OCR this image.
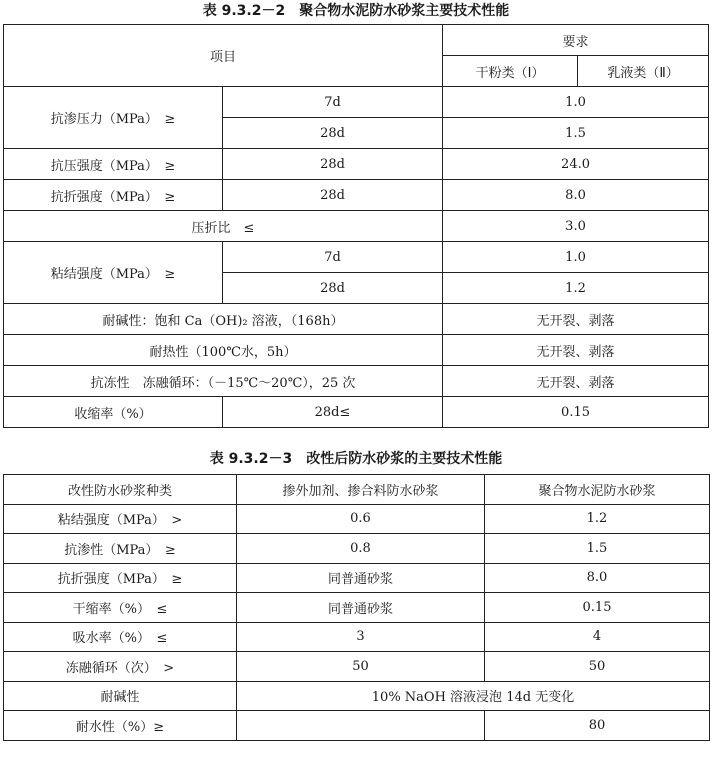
表 9.3.2－2　聚合物水泥防水砂浆主要技术性能
项目		要求	
		干粉类（Ⅰ）	乳液类（Ⅱ）
抗渗压力（MPa）　≥	7d	1.0	
	28d	1.5	
抗压强度（MPa）　≥	28d	24.0	
抗折强度（MPa）　≥	28d	8.0	
压折比　≤		3.0	
粘结强度（MPa）　≥	7d	1.0	
	28d	1.2	
耐碱性：饱和 Ca（OH)₂ 溶液，（168h）		无开裂、剥落	
耐热性（100℃水，5h）		无开裂、剥落	
抗冻性　冻融循环：（－15℃～20℃），25 次		无开裂、剥落	
收缩率（%）	28d≤	0.15	
表 9.3.2－3　改性后防水砂浆的主要技术性能
改性防水砂浆种类	掺外加剂、掺合料防水砂浆	聚合物水泥防水砂浆
粘结强度（MPa）　>	0.6	1.2
抗渗性（MPa）　≥	0.8	1.5
抗折强度（MPa）　≥	同普通砂浆	8.0
干缩率（%）　≤	同普通砂浆	0.15
吸水率（%）　≤	3	4
冻融循环（次）　>	50	50
耐碱性	10% NaOH 溶液浸泡 14d 无变化	
耐水性（%）≥		80
